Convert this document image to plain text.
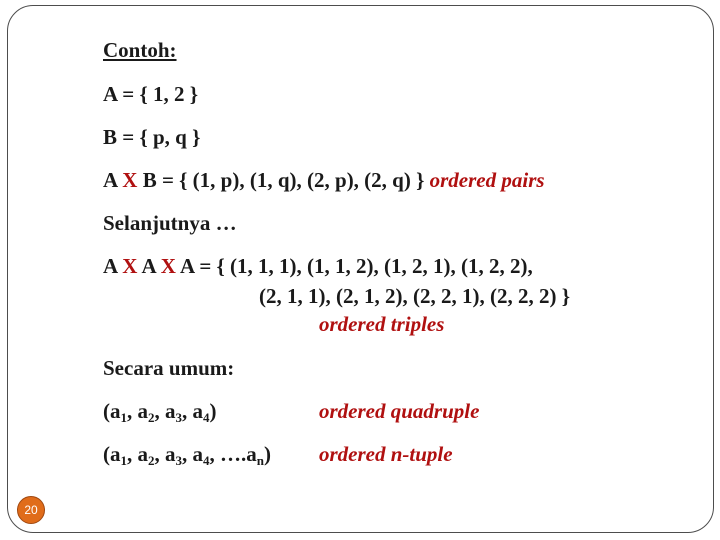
Contoh:
A = { 1, 2 }
B = { p, q }
A X B = { (1, p), (1, q), (2, p), (2, q) } ordered pairs
Selanjutnya …
A X A X A = { (1, 1, 1), (1, 1, 2), (1, 2, 1), (1, 2, 2),
(2, 1, 1), (2, 1, 2), (2, 2, 1), (2, 2, 2) }
ordered triples
Secara umum:
($a_1$, $a_2$, $a_3$, $a_4$)	ordered quadruple
($a_1$, $a_2$, $a_3$, $a_4$, $\dots.a_n$) ordered n-tuple
20
